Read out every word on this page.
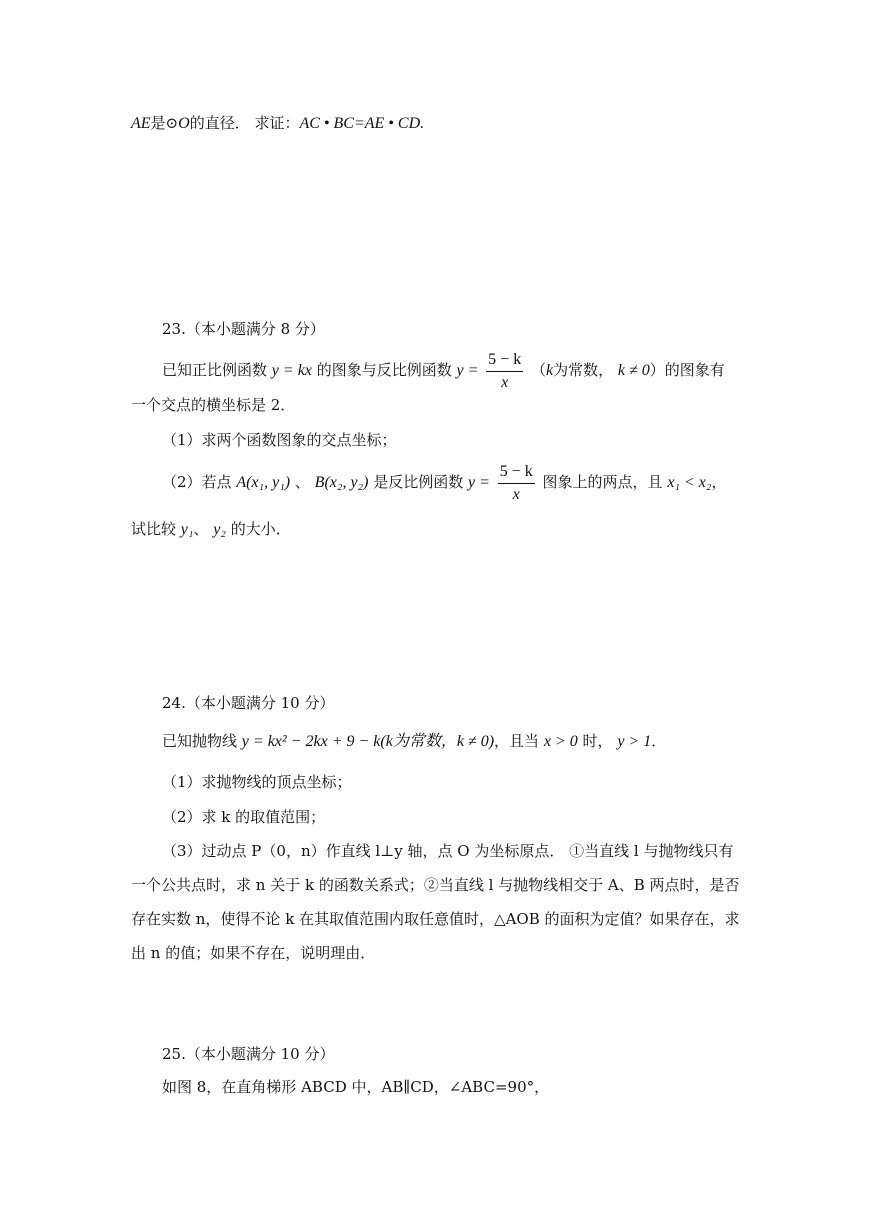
AE是⊙O的直径． 求证：AC • BC=AE • CD.
23.（本小题满分 8 分）
已知正比例函数 y = kx 的图象与反比例函数 $y = \frac{5 - k}{x} (k$为常数， k ≠ 0）的图象有
一个交点的横坐标是 2．
（1）求两个函数图象的交点坐标；
（2）若点 A(x₁, y₁) 、 B(x₂, y₂) 是反比例函数 $y = \frac{5 - k}{x}$ 图象上的两点，且 x₁ < x₂，
试比较 y₁、 y₂ 的大小．
24.（本小题满分 10 分）
已知抛物线 y = kx² − 2kx + 9 − k(k为常数，k ≠ 0)，且当 x > 0 时， y > 1．
（1）求抛物线的顶点坐标；
（2）求 k 的取值范围；
（3）过动点 P（0，n）作直线 l⊥y 轴，点 O 为坐标原点． ①当直线 l 与抛物线只有
一个公共点时，求 n 关于 k 的函数关系式；②当直线 l 与抛物线相交于 A、B 两点时，是否
存在实数 n，使得不论 k 在其取值范围内取任意值时，△AOB 的面积为定值？如果存在，求
出 n 的值；如果不存在，说明理由．
25.（本小题满分 10 分）
如图 8，在直角梯形 ABCD 中，AB∥CD，∠ABC=90°，
